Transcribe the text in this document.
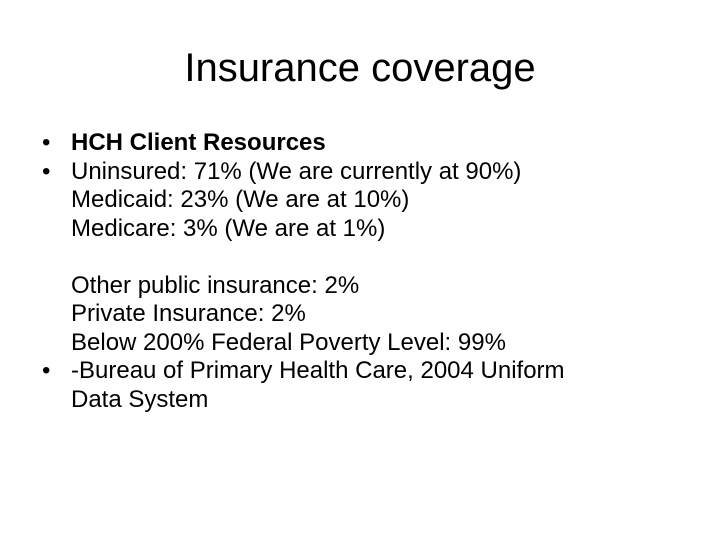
Insurance coverage
• HCH Client Resources
• Uninsured: 71% (We are currently at 90%)
Medicaid: 23% (We are at 10%)
Medicare: 3% (We are at 1%)
Other public insurance: 2%
Private Insurance: 2%
Below 200% Federal Poverty Level: 99%
• -Bureau of Primary Health Care, 2004 Uniform
Data System
